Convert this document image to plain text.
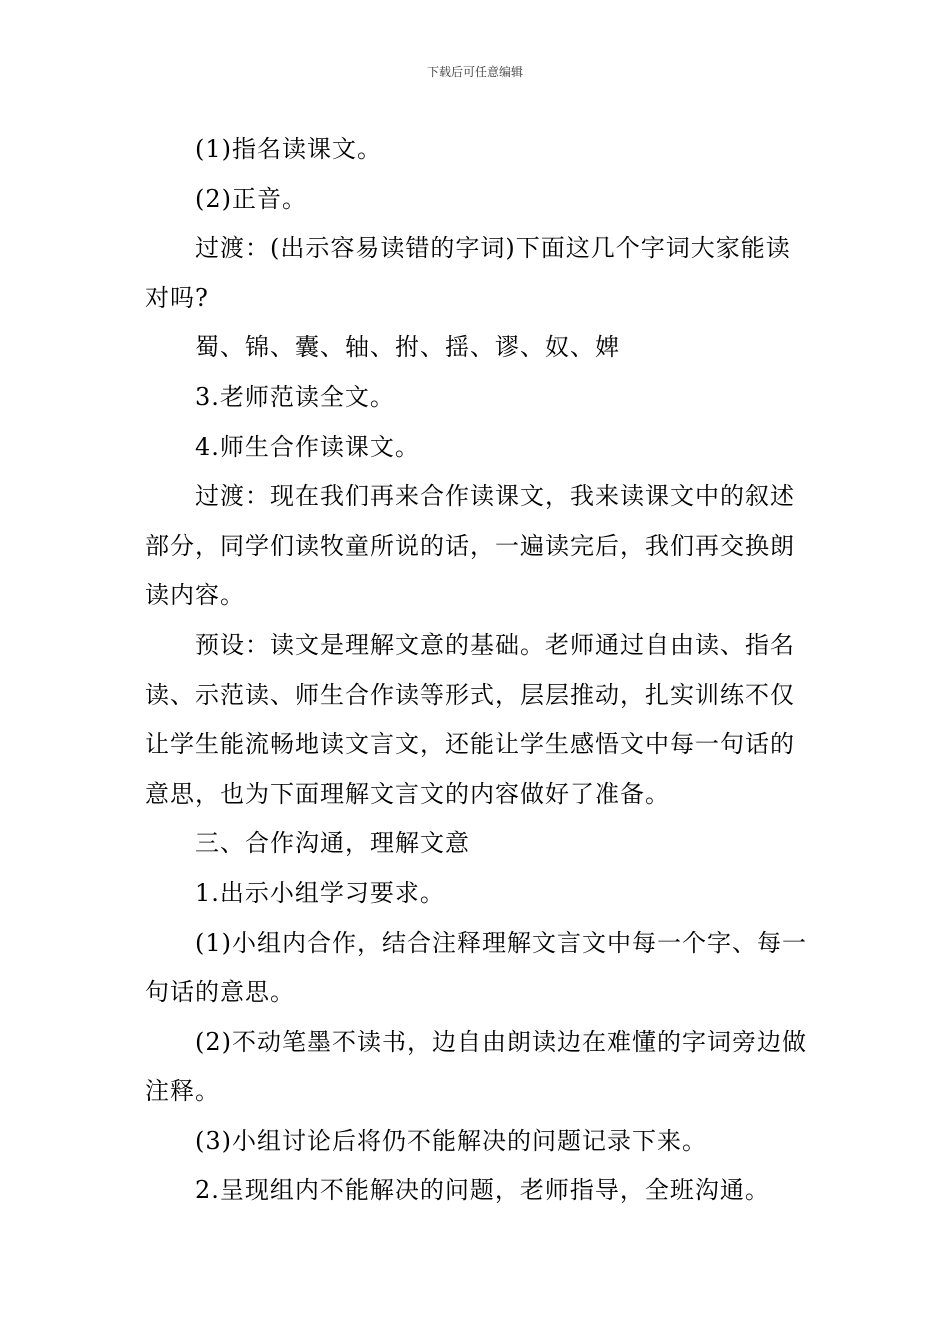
下载后可任意编辑

(1)指名读课文。

(2)正音。

过渡：(出示容易读错的字词)下面这几个字词大家能读对吗?

蜀、锦、囊、轴、拊、揺、谬、奴、婢

3.老师范读全文。

4.师生合作读课文。

过渡：现在我们再来合作读课文，我来读课文中的叙述部分，同学们读牧童所说的话，一遍读完后，我们再交换朗读内容。

预设：读文是理解文意的基础。老师通过自由读、指名读、示范读、师生合作读等形式，层层推动，扎实训练不仅让学生能流畅地读文言文，还能让学生感悟文中每一句话的意思，也为下面理解文言文的内容做好了准备。

三、合作沟通，理解文意

1.出示小组学习要求。

(1)小组内合作，结合注释理解文言文中每一个字、每一句话的意思。

(2)不动笔墨不读书，边自由朗读边在难懂的字词旁边做注释。

(3)小组讨论后将仍不能解决的问题记录下来。

2.呈现组内不能解决的问题，老师指导，全班沟通。
